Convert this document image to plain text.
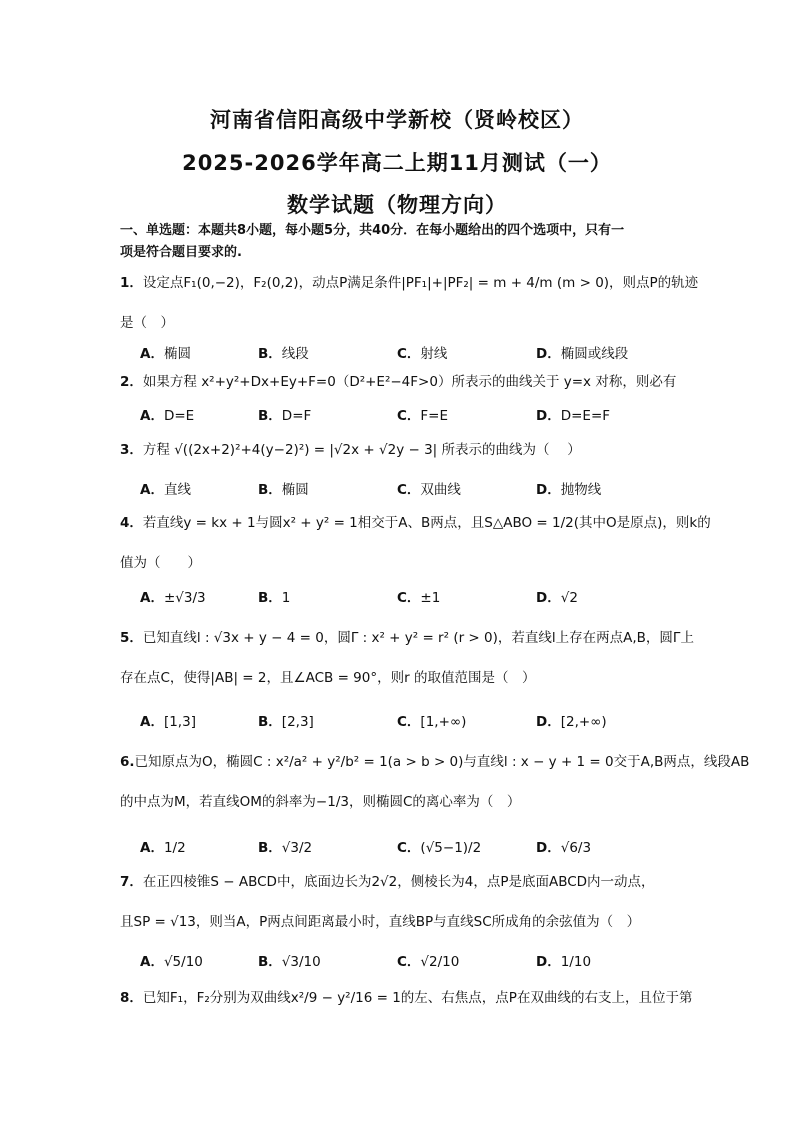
河南省信阳高级中学新校（贤岭校区）
2025-2026学年高二上期11月测试（一）
数学试题（物理方向）
一、单选题：本题共8小题，每小题5分，共40分．在每小题给出的四个选项中，只有一
项是符合题目要求的.
1．设定点F₁(0,−2)，F₂(0,2)，动点P满足条件|PF₁|+|PF₂| = m + 4/m (m > 0)，则点P的轨迹
是（　）
A．椭圆	B．线段	C．射线	D．椭圆或线段
2．如果方程 x²+y²+Dx+Ey+F=0（D²+E²−4F>0）所表示的曲线关于 y=x 对称，则必有
A．D=E	B．D=F	C．F=E	D．D=E=F
3．方程 √((2x+2)²+4(y−2)²) = |√2x + √2y − 3| 所表示的曲线为（　 ）
A．直线	B．椭圆	C．双曲线	D．抛物线
4．若直线y = kx + 1与圆x² + y² = 1相交于A、B两点，且S△ABO = 1/2(其中O是原点)，则k的
值为（　　）
A．±√3/3	B．1	C．±1	D．√2
5．已知直线l : √3x + y − 4 = 0，圆Γ : x² + y² = r² (r > 0)，若直线l上存在两点A,B，圆Γ上
存在点C，使得|AB| = 2，且∠ACB = 90°，则r 的取值范围是（　）
A．[1,3]	B．[2,3]	C．[1,+∞)	D．[2,+∞)
6.已知原点为O，椭圆C : x²/a² + y²/b² = 1(a > b > 0)与直线l : x − y + 1 = 0交于A,B两点，线段AB
的中点为M，若直线OM的斜率为−1/3，则椭圆C的离心率为（　）
A．1/2	B．√3/2	C．(√5−1)/2	D．√6/3
7．在正四棱锥S − ABCD中，底面边长为2√2，侧棱长为4，点P是底面ABCD内一动点，
且SP = √13，则当A，P两点间距离最小时，直线BP与直线SC所成角的余弦值为（　）
A．√5/10	B．√3/10	C．√2/10	D．1/10
8．已知F₁，F₂分别为双曲线x²/9 − y²/16 = 1的左、右焦点，点P在双曲线的右支上，且位于第
